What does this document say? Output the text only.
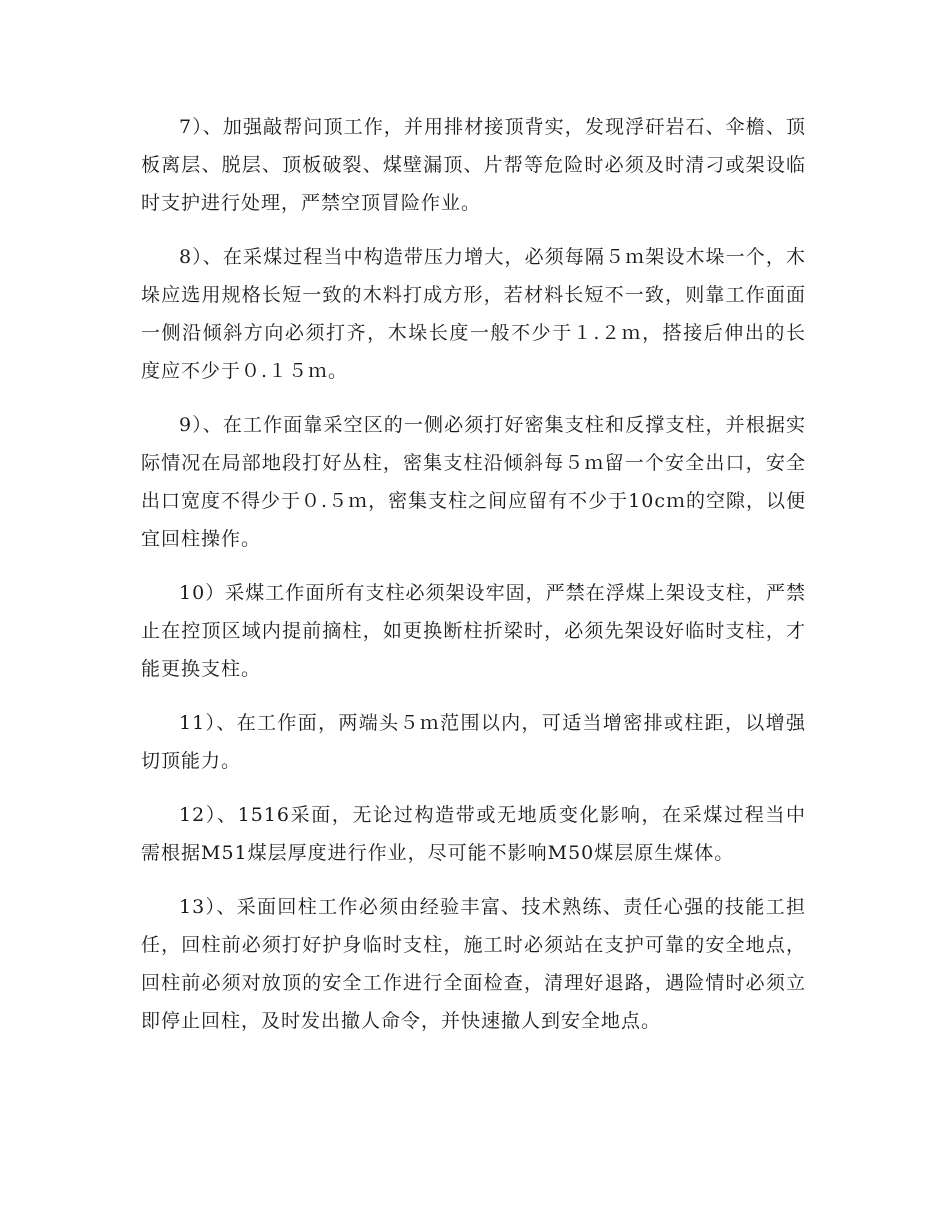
7）、加强敲帮问顶工作，并用排材接顶背实，发现浮矸岩石、伞檐、顶板离层、脱层、顶板破裂、煤壁漏顶、片帮等危险时必须及时清刁或架设临时支护进行处理，严禁空顶冒险作业。

8）、在采煤过程当中构造带压力增大，必须每隔５ｍ架设木垛一个，木垛应选用规格长短一致的木料打成方形，若材料长短不一致，则靠工作面面一侧沿倾斜方向必须打齐，木垛长度一般不少于１.２ｍ，搭接后伸出的长度应不少于０.１５ｍ。

9）、在工作面靠采空区的一侧必须打好密集支柱和反撑支柱，并根据实际情况在局部地段打好丛柱，密集支柱沿倾斜每５ｍ留一个安全出口，安全出口宽度不得少于０.５ｍ，密集支柱之间应留有不少于10cｍ的空隙，以便宜回柱操作。

10）采煤工作面所有支柱必须架设牢固，严禁在浮煤上架设支柱，严禁止在控顶区域内提前摘柱，如更换断柱折梁时，必须先架设好临时支柱，才能更换支柱。

11）、在工作面，两端头５ｍ范围以内，可适当增密排或柱距，以增强切顶能力。

12）、1516采面，无论过构造带或无地质变化影响，在采煤过程当中需根据M51煤层厚度进行作业，尽可能不影响M50煤层原生煤体。

13）、采面回柱工作必须由经验丰富、技术熟练、责任心强的技能工担任，回柱前必须打好护身临时支柱，施工时必须站在支护可靠的安全地点，回柱前必须对放顶的安全工作进行全面检查，清理好退路，遇险情时必须立即停止回柱，及时发出撤人命令，并快速撤人到安全地点。
